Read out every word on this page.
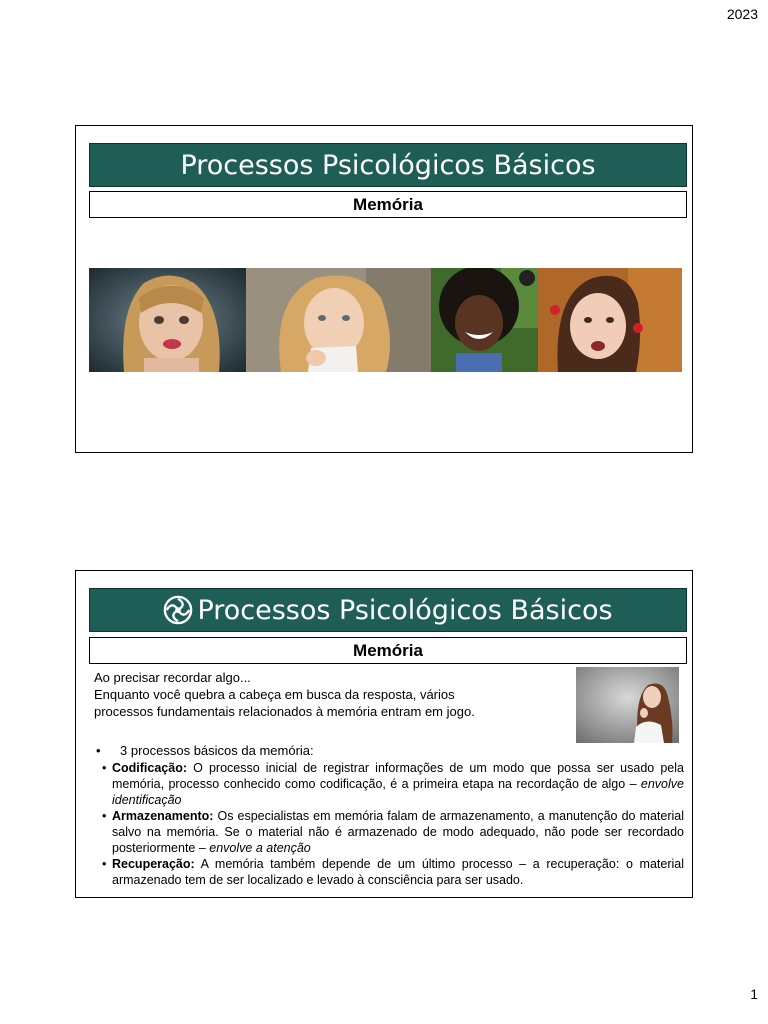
2023
Processos Psicológicos Básicos
Memória
Processos Psicológicos Básicos
Memória

Ao precisar recordar algo...

Enquanto você quebra a cabeça em busca da resposta, vários

processos fundamentais relacionados à memória entram em jogo.

•	3 processos básicos da memória:
• Codificação: O processo inicial de registrar informações de um modo que possa ser usado pela memória, processo conhecido como codificação, é a primeira etapa na recordação de algo – envolve identificação
• Armazenamento: Os especialistas em memória falam de armazenamento, a manutenção do material salvo na memória. Se o material não é armazenado de modo adequado, não pode ser recordado posteriormente – envolve a atenção
• Recuperação: A memória também depende de um último processo – a recuperação: o material armazenado tem de ser localizado e levado à consciência para ser usado.
1
